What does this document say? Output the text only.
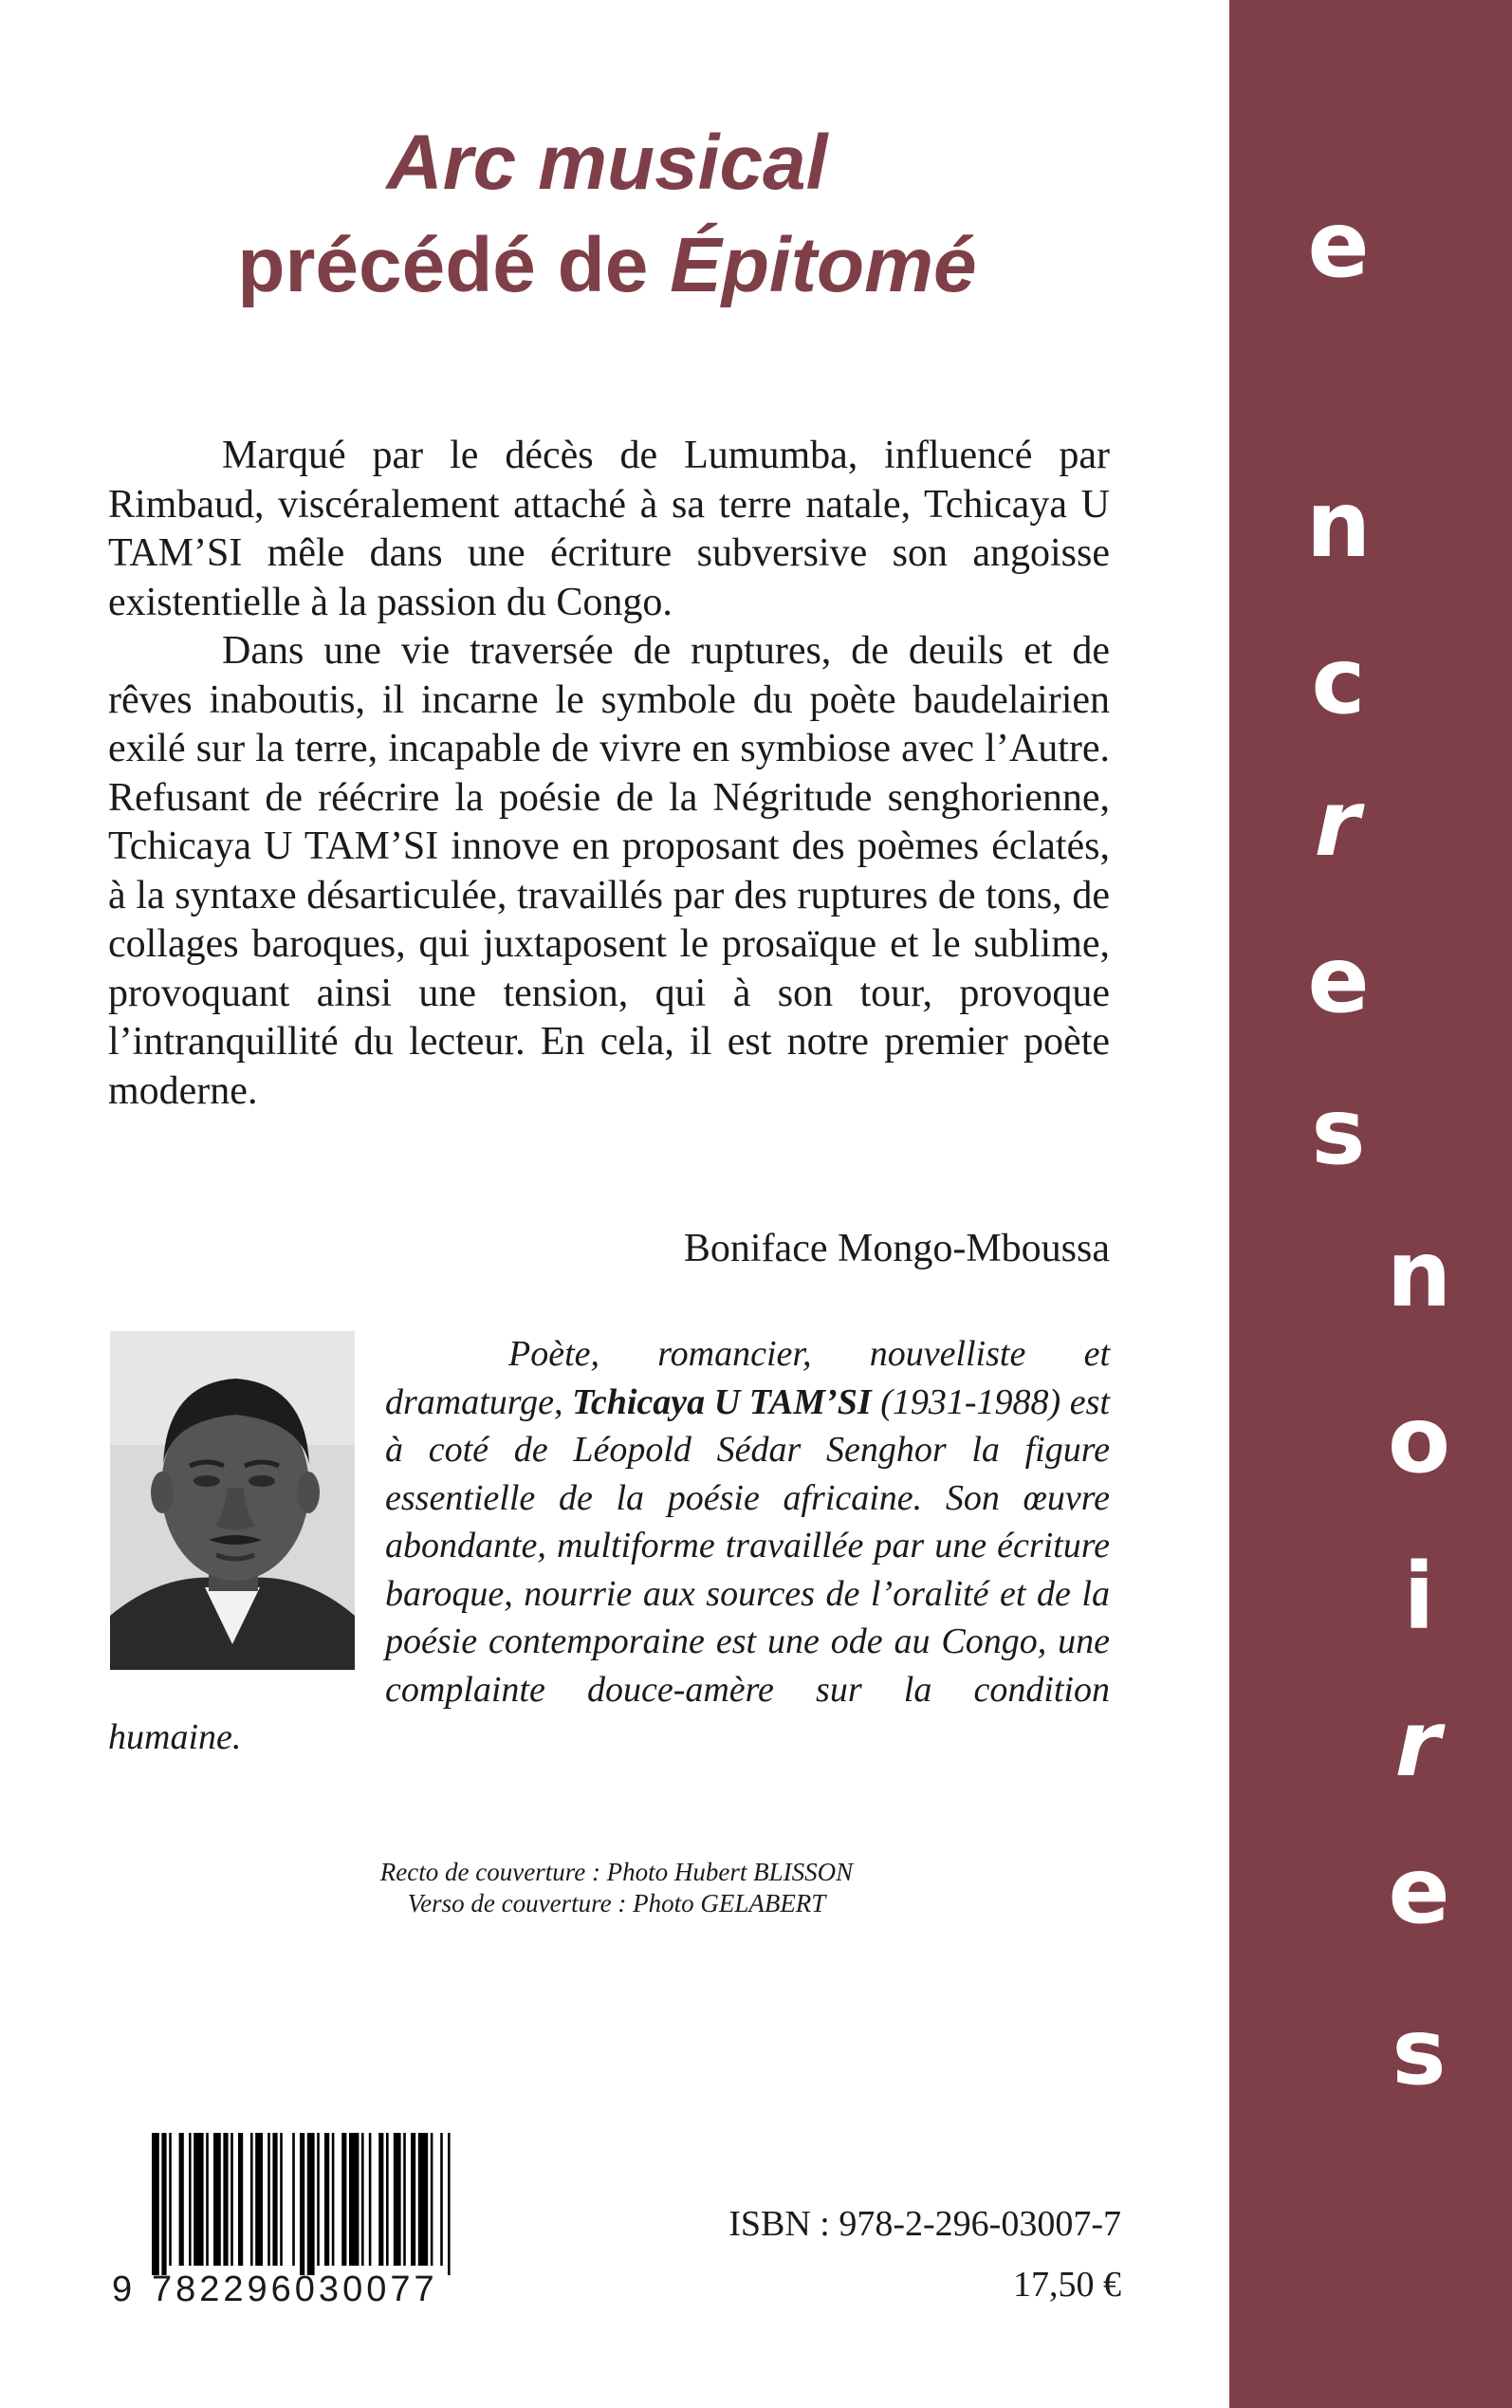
Arc musical
précédé de Épitomé

Marqué par le décès de Lumumba, influencé par Rimbaud, viscéralement attaché à sa terre natale, Tchicaya U TAM’SI mêle dans une écriture subversive son angoisse existentielle à la passion du Congo.

Dans une vie traversée de ruptures, de deuils et de rêves inaboutis, il incarne le symbole du poète baudelairien exilé sur la terre, incapable de vivre en symbiose avec l’Autre. Refusant de réécrire la poésie de la Négritude senghorienne, Tchicaya U TAM’SI innove en proposant des poèmes éclatés, à la syntaxe désarticulée, travaillés par des ruptures de tons, de collages baroques, qui juxtaposent le prosaïque et le sublime, provoquant ainsi une tension, qui à son tour, provoque l’intranquillité du lecteur. En cela, il est notre premier poète moderne.

Boniface Mongo-Mboussa
Poète, romancier, nouvelliste et dramaturge, Tchicaya U TAM’SI (1931-1988) est à coté de Léopold Sédar Senghor la figure essentielle de la poésie africaine. Son œuvre abondante, multiforme travaillée par une écriture baroque, nourrie aux sources de l’oralité et de la poésie contemporaine est une ode au Congo, une complainte douce-amère sur la condition humaine.
Recto de couverture : Photo Hubert BLISSON
Verso de couverture : Photo GELABERT
9 782296030077
ISBN : 978-2-296-03007-7
17,50 €
e
n
c
r
e
s
n
o
i
r
e
s
